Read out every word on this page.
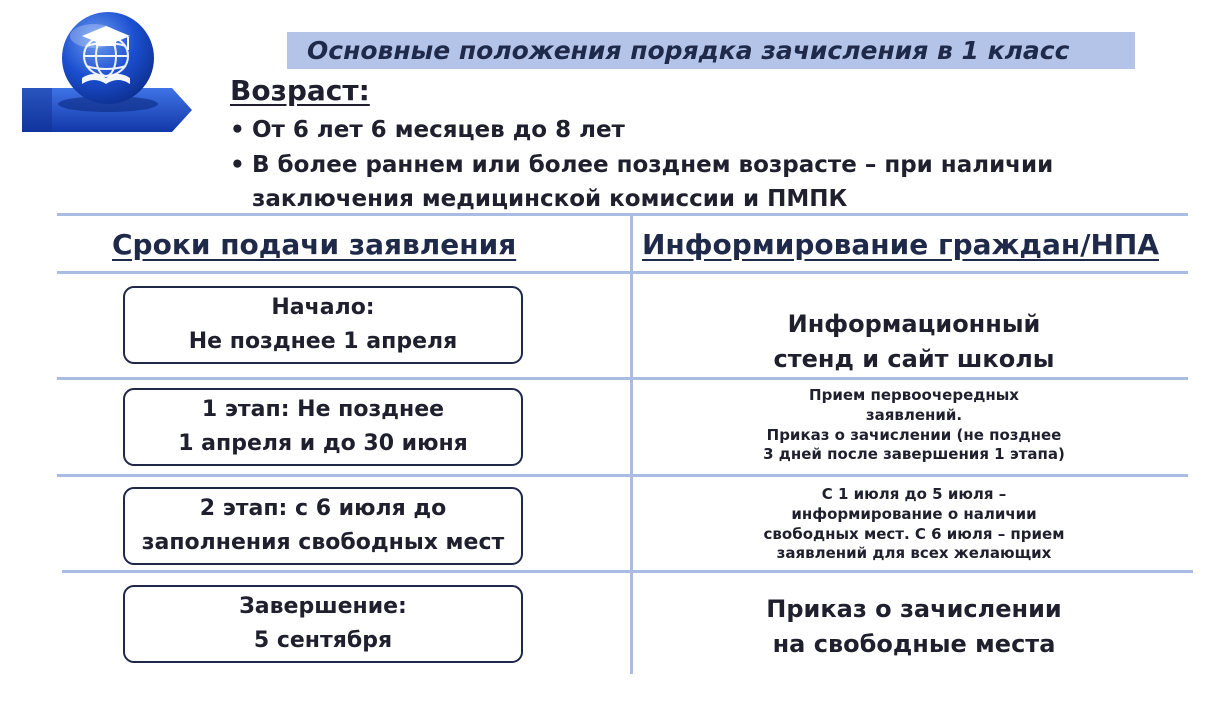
Основные положения порядка зачисления в 1 класс
Возраст:
• От 6 лет 6 месяцев до 8 лет
• В более раннем или более позднем возрасте – при наличии
заключения медицинской комиссии и ПМПК
Сроки подачи заявления	Информирование граждан/НПА
Начало:
Не позднее 1 апреля
Информационный
стенд и сайт школы
1 этап: Не позднее
1 апреля и до 30 июня
Прием первоочередных
заявлений.
Приказ о зачислении (не позднее
3 дней после завершения 1 этапа)
2 этап: с 6 июля до
заполнения свободных мест
С 1 июля до 5 июля –
информирование о наличии
свободных мест. С 6 июля – прием
заявлений для всех желающих
Завершение:
5 сентября
Приказ о зачислении
на свободные места
